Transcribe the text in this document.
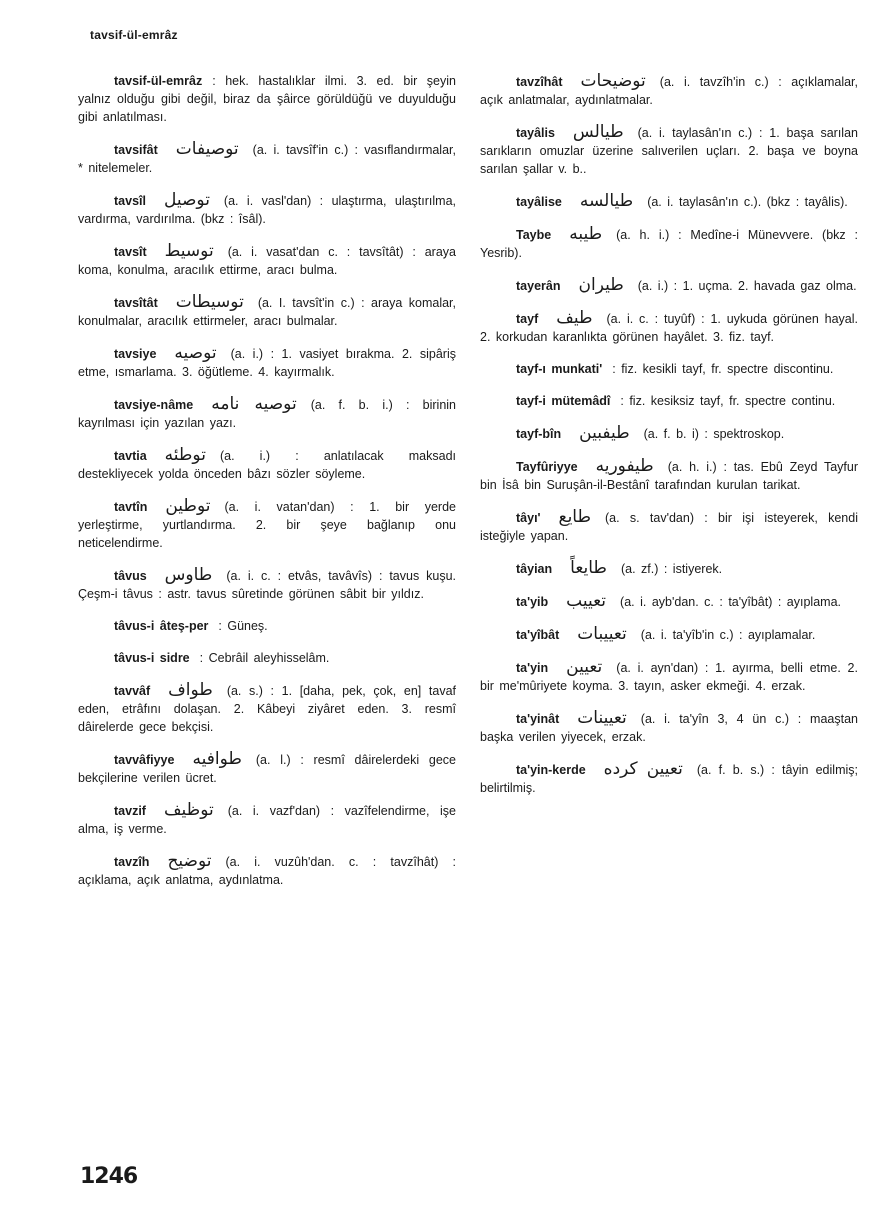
tavsif-ül-emrâz

tavsif-ül-emrâz : hek. hastalıklar ilmi. 3. ed. bir şeyin yalnız olduğu gibi değil, biraz da şâirce görüldüğü ve duyulduğu gibi anlatılması.

tavsifât توصيفات (a. i. tavsîf'in c.) : vasıflandırmalar, * nitelemeler.

tavsîl توصيل (a. i. vasl'dan) : ulaştırma, ulaştırılma, vardırma, vardırılma. (bkz : îsâl).

tavsît توسيط (a. i. vasat'dan c. : tavsîtât) : araya koma, konulma, aracılık ettirme, aracı bulma.

tavsîtât توسيطات (a. I. tavsît'in c.) : araya komalar, konulmalar, aracılık ettirmeler, aracı bulmalar.

tavsiye توصيه (a. i.) : 1. vasiyet bırakma. 2. sipâriş etme, ısmarlama. 3. öğütleme. 4. kayırmalık.

tavsiye-nâme توصيه نامه (a. f. b. i.) : birinin kayrılması için yazılan yazı.

tavtia توطئه (a. i.) : anlatılacak maksadı destekliyecek yolda önceden bâzı sözler söyleme.

tavtîn توطين (a. i. vatan'dan) : 1. bir yerde yerleştirme, yurtlandırma. 2. bir şeye bağlanıp onu neticelendirme.

tâvus طاوس (a. i. c. : etvâs, tavâvîs) : tavus kuşu. Çeşm-i tâvus : astr. tavus sûretinde görünen sâbit bir yıldız.

tâvus-i âteş-per : Güneş.

tâvus-i sidre : Cebrâil aleyhisselâm.

tavvâf طواف (a. s.) : 1. [daha, pek, çok, en] tavaf eden, etrâfını dolaşan. 2. Kâbeyi ziyâret eden. 3. resmî dâirelerde gece bekçisi.

tavvâfiyye طوافيه (a. l.) : resmî dâirelerdeki gece bekçilerine verilen ücret.

tavzif توظيف (a. i. vazf'dan) : vazîfelendirme, işe alma, iş verme.

tavzîh توضيح (a. i. vuzûh'dan. c. : tavzîhât) : açıklama, açık anlatma, aydınlatma.

tavzîhât توضيحات (a. i. tavzîh'in c.) : açıklamalar, açık anlatmalar, aydınlatmalar.

tayâlis طيالس (a. i. taylasân'ın c.) : 1. başa sarılan sarıkların omuzlar üzerine salıverilen uçları. 2. başa ve boyna sarılan şallar v. b..

tayâlise طيالسه (a. i. taylasân'ın c.). (bkz : tayâlis).

Taybe طيبه (a. h. i.) : Medîne-i Münevvere. (bkz : Yesrib).

tayerân طيران (a. i.) : 1. uçma. 2. havada gaz olma.

tayf طيف (a. i. c. : tuyûf) : 1. uykuda görünen hayal. 2. korkudan karanlıkta görünen hayâlet. 3. fiz. tayf.

tayf-ı munkati' : fiz. kesikli tayf, fr. spectre discontinu.

tayf-i mütemâdî : fiz. kesiksiz tayf, fr. spectre continu.

tayf-bîn طيفبين (a. f. b. i) : spektroskop.

Tayfûriyye طيفوريه (a. h. i.) : tas. Ebû Zeyd Tayfur bin İsâ bin Suruşân-il-Bestânî tarafından kurulan tarikat.

tâyı' طايع (a. s. tav'dan) : bir işi isteyerek, kendi isteğiyle yapan.

tâyian طايعاً (a. zf.) : istiyerek.

ta'yib تعييب (a. i. ayb'dan. c. : ta'yîbât) : ayıplama.

ta'yîbât تعييبات (a. i. ta'yîb'in c.) : ayıplamalar.

ta'yin تعيين (a. i. ayn'dan) : 1. ayırma, belli etme. 2. bir me'mûriyete koyma. 3. tayın, asker ekmeği. 4. erzak.

ta'yinât تعيينات (a. i. ta'yîn 3, 4 ün c.) : maaştan başka verilen yiyecek, erzak.

ta'yin-kerde تعيين كرده (a. f. b. s.) : tâyin edilmiş; belirtilmiş.

1246
